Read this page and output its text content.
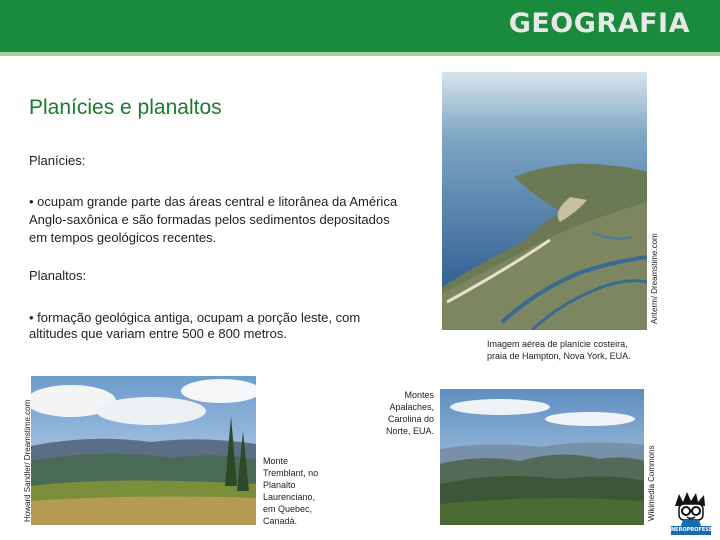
GEOGRAFIA
Planícies e planaltos
Planícies:
• ocupam grande parte das áreas central e litorânea da América
Anglo-saxônica e são formadas pelos sedimentos depositados
em tempos geológicos recentes.
Planaltos:
• formação geológica antiga, ocupam a porção leste, com
altitudes que variam entre 500 e 800 metros.
Anterm/ Dreamstime.com
Imagem aérea de planície costeira,
praia de Hampton, Nova York, EUA.
Howard Sandler/ Dreamstime.com	Monte
Tremblant, no
Planalto
Laurenciano,
em Quebec,
Canadá.	Wikimedia Commons
Montes
Apalaches,
Carolina do
Norte, EUA.
NEROPROFESSOR
